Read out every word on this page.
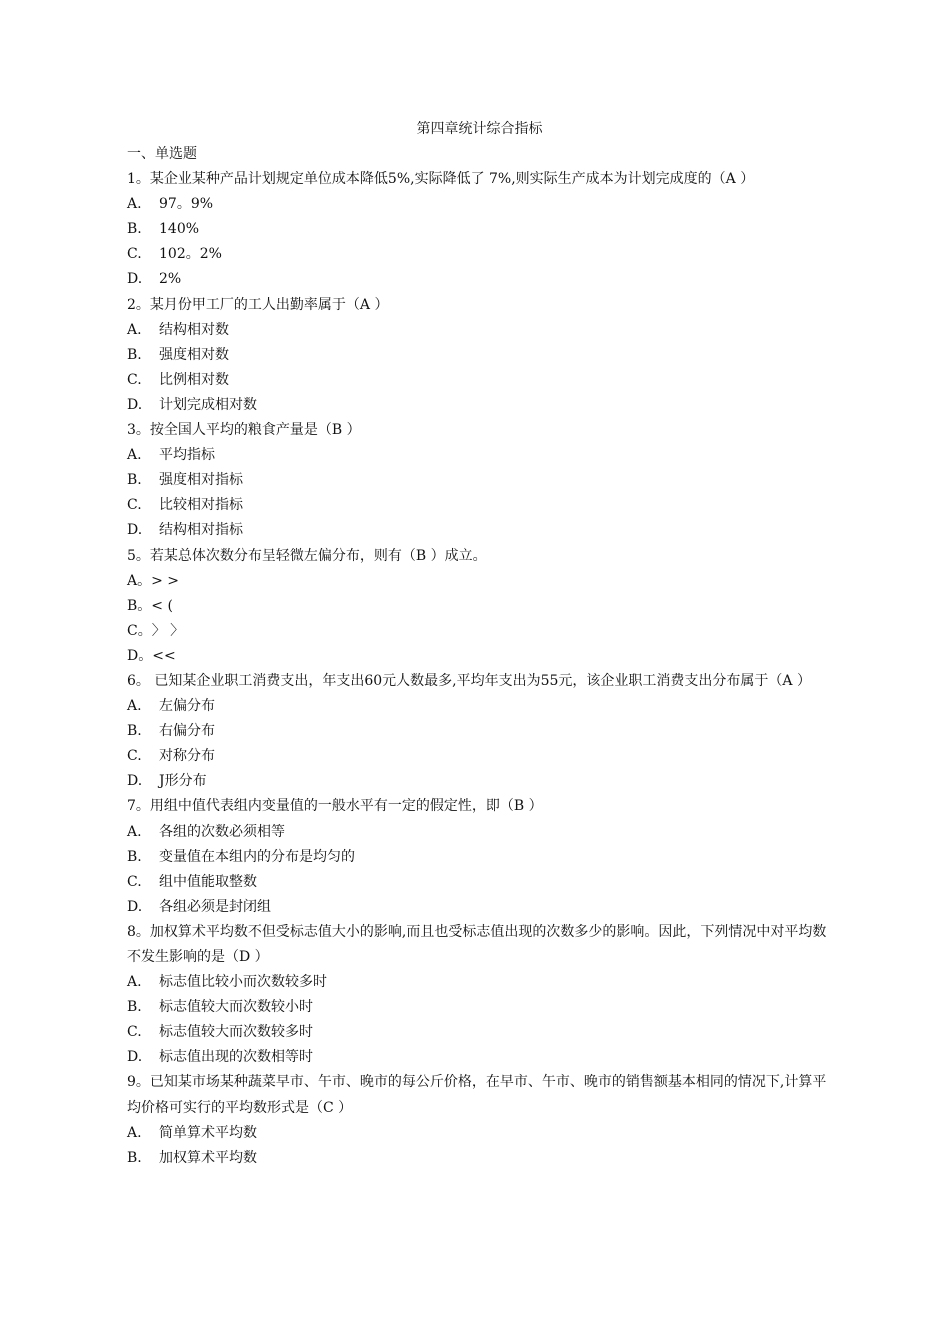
第四章统计综合指标
一、单选题
1。某企业某种产品计划规定单位成本降低5%,实际降低了 7%,则实际生产成本为计划完成度的（A ）
A.	97。9%
B.	140%
C.	102。2%
D.	2%
2。某月份甲工厂的工人出勤率属于（A ）
A.	结构相对数
B.	强度相对数
C.	比例相对数
D.	计划完成相对数
3。按全国人平均的粮食产量是（B ）
A.	平均指标
B.	强度相对指标
C.	比较相对指标
D.	结构相对指标
5。若某总体次数分布呈轻微左偏分布，则有（B ）成立。
A。 > >
B。 < (
C。 〉 〉
D。 <<
6。 已知某企业职工消费支出，年支出60元人数最多,平均年支出为55元，该企业职工消费支出分布属于（A ）
A.	左偏分布
B.	右偏分布
C.	对称分布
D.	J形分布
7。用组中值代表组内变量值的一般水平有一定的假定性，即（B ）
A.	各组的次数必须相等
B.	变量值在本组内的分布是均匀的
C.	组中值能取整数
D.	各组必须是封闭组
8。加权算术平均数不但受标志值大小的影响,而且也受标志值出现的次数多少的影响。因此，下列情况中对平均数不发生影响的是（D ）
A.	标志值比较小而次数较多时
B.	标志值较大而次数较小时
C.	标志值较大而次数较多时
D.	标志值出现的次数相等时
9。已知某市场某种蔬菜早市、午市、晚市的每公斤价格，在早市、午市、晚市的销售额基本相同的情况下,计算平均价格可实行的平均数形式是（C ）
A.	简单算术平均数
B.	加权算术平均数
